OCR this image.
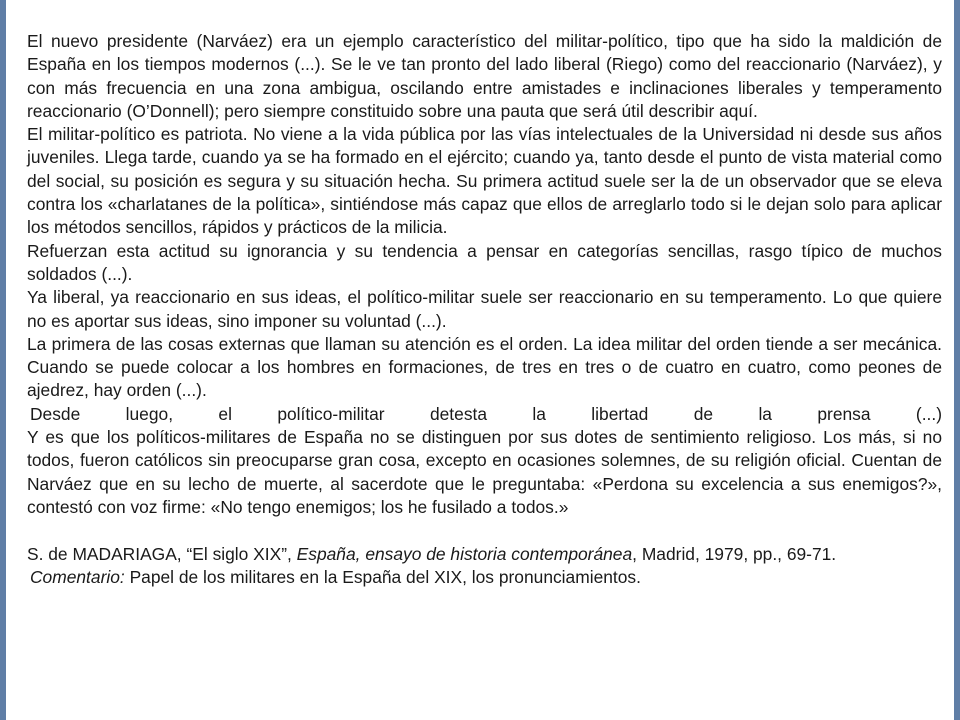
El nuevo presidente (Narváez) era un ejemplo característico del militar-político, tipo que ha sido la maldición de España en los tiempos modernos (...). Se le ve tan pronto del lado liberal (Riego) como del reaccionario (Narváez), y con más frecuencia en una zona ambigua, oscilando entre amistades e inclinaciones liberales y temperamento reaccionario (O’Donnell); pero siempre constituido sobre una pauta que será útil describir aquí.

El militar-político es patriota. No viene a la vida pública por las vías intelectuales de la Universidad ni desde sus años juveniles. Llega tarde, cuando ya se ha formado en el ejército; cuando ya, tanto desde el punto de vista material como del social, su posición es segura y su situación hecha. Su primera actitud suele ser la de un observador que se eleva contra los «charlatanes de la política», sintiéndose más capaz que ellos de arreglarlo todo si le dejan solo para aplicar los métodos sencillos, rápidos y prácticos de la milicia.

Refuerzan esta actitud su ignorancia y su tendencia a pensar en categorías sencillas, rasgo típico de muchos soldados (...).

Ya liberal, ya reaccionario en sus ideas, el político-militar suele ser reaccionario en su temperamento. Lo que quiere no es aportar sus ideas, sino imponer su voluntad (...).

La primera de las cosas externas que llaman su atención es el orden. La idea militar del orden tiende a ser mecánica. Cuando se puede colocar a los hombres en formaciones, de tres en tres o de cuatro en cuatro, como peones de ajedrez, hay orden (...).

Desde luego, el político-militar detesta la libertad de la prensa (...)

Y es que los políticos-militares de España no se distinguen por sus dotes de sentimiento religioso. Los más, si no todos, fueron católicos sin preocuparse gran cosa, excepto en ocasiones solemnes, de su religión oficial. Cuentan de Narváez que en su lecho de muerte, al sacerdote que le preguntaba: «Perdona su excelencia a sus enemigos?», contestó con voz firme: «No tengo enemigos; los he fusilado a todos.»

S. de MADARIAGA, “El siglo XIX”, España, ensayo de historia contemporánea, Madrid, 1979, pp., 69-71.

Comentario: Papel de los militares en la España del XIX, los pronunciamientos.
